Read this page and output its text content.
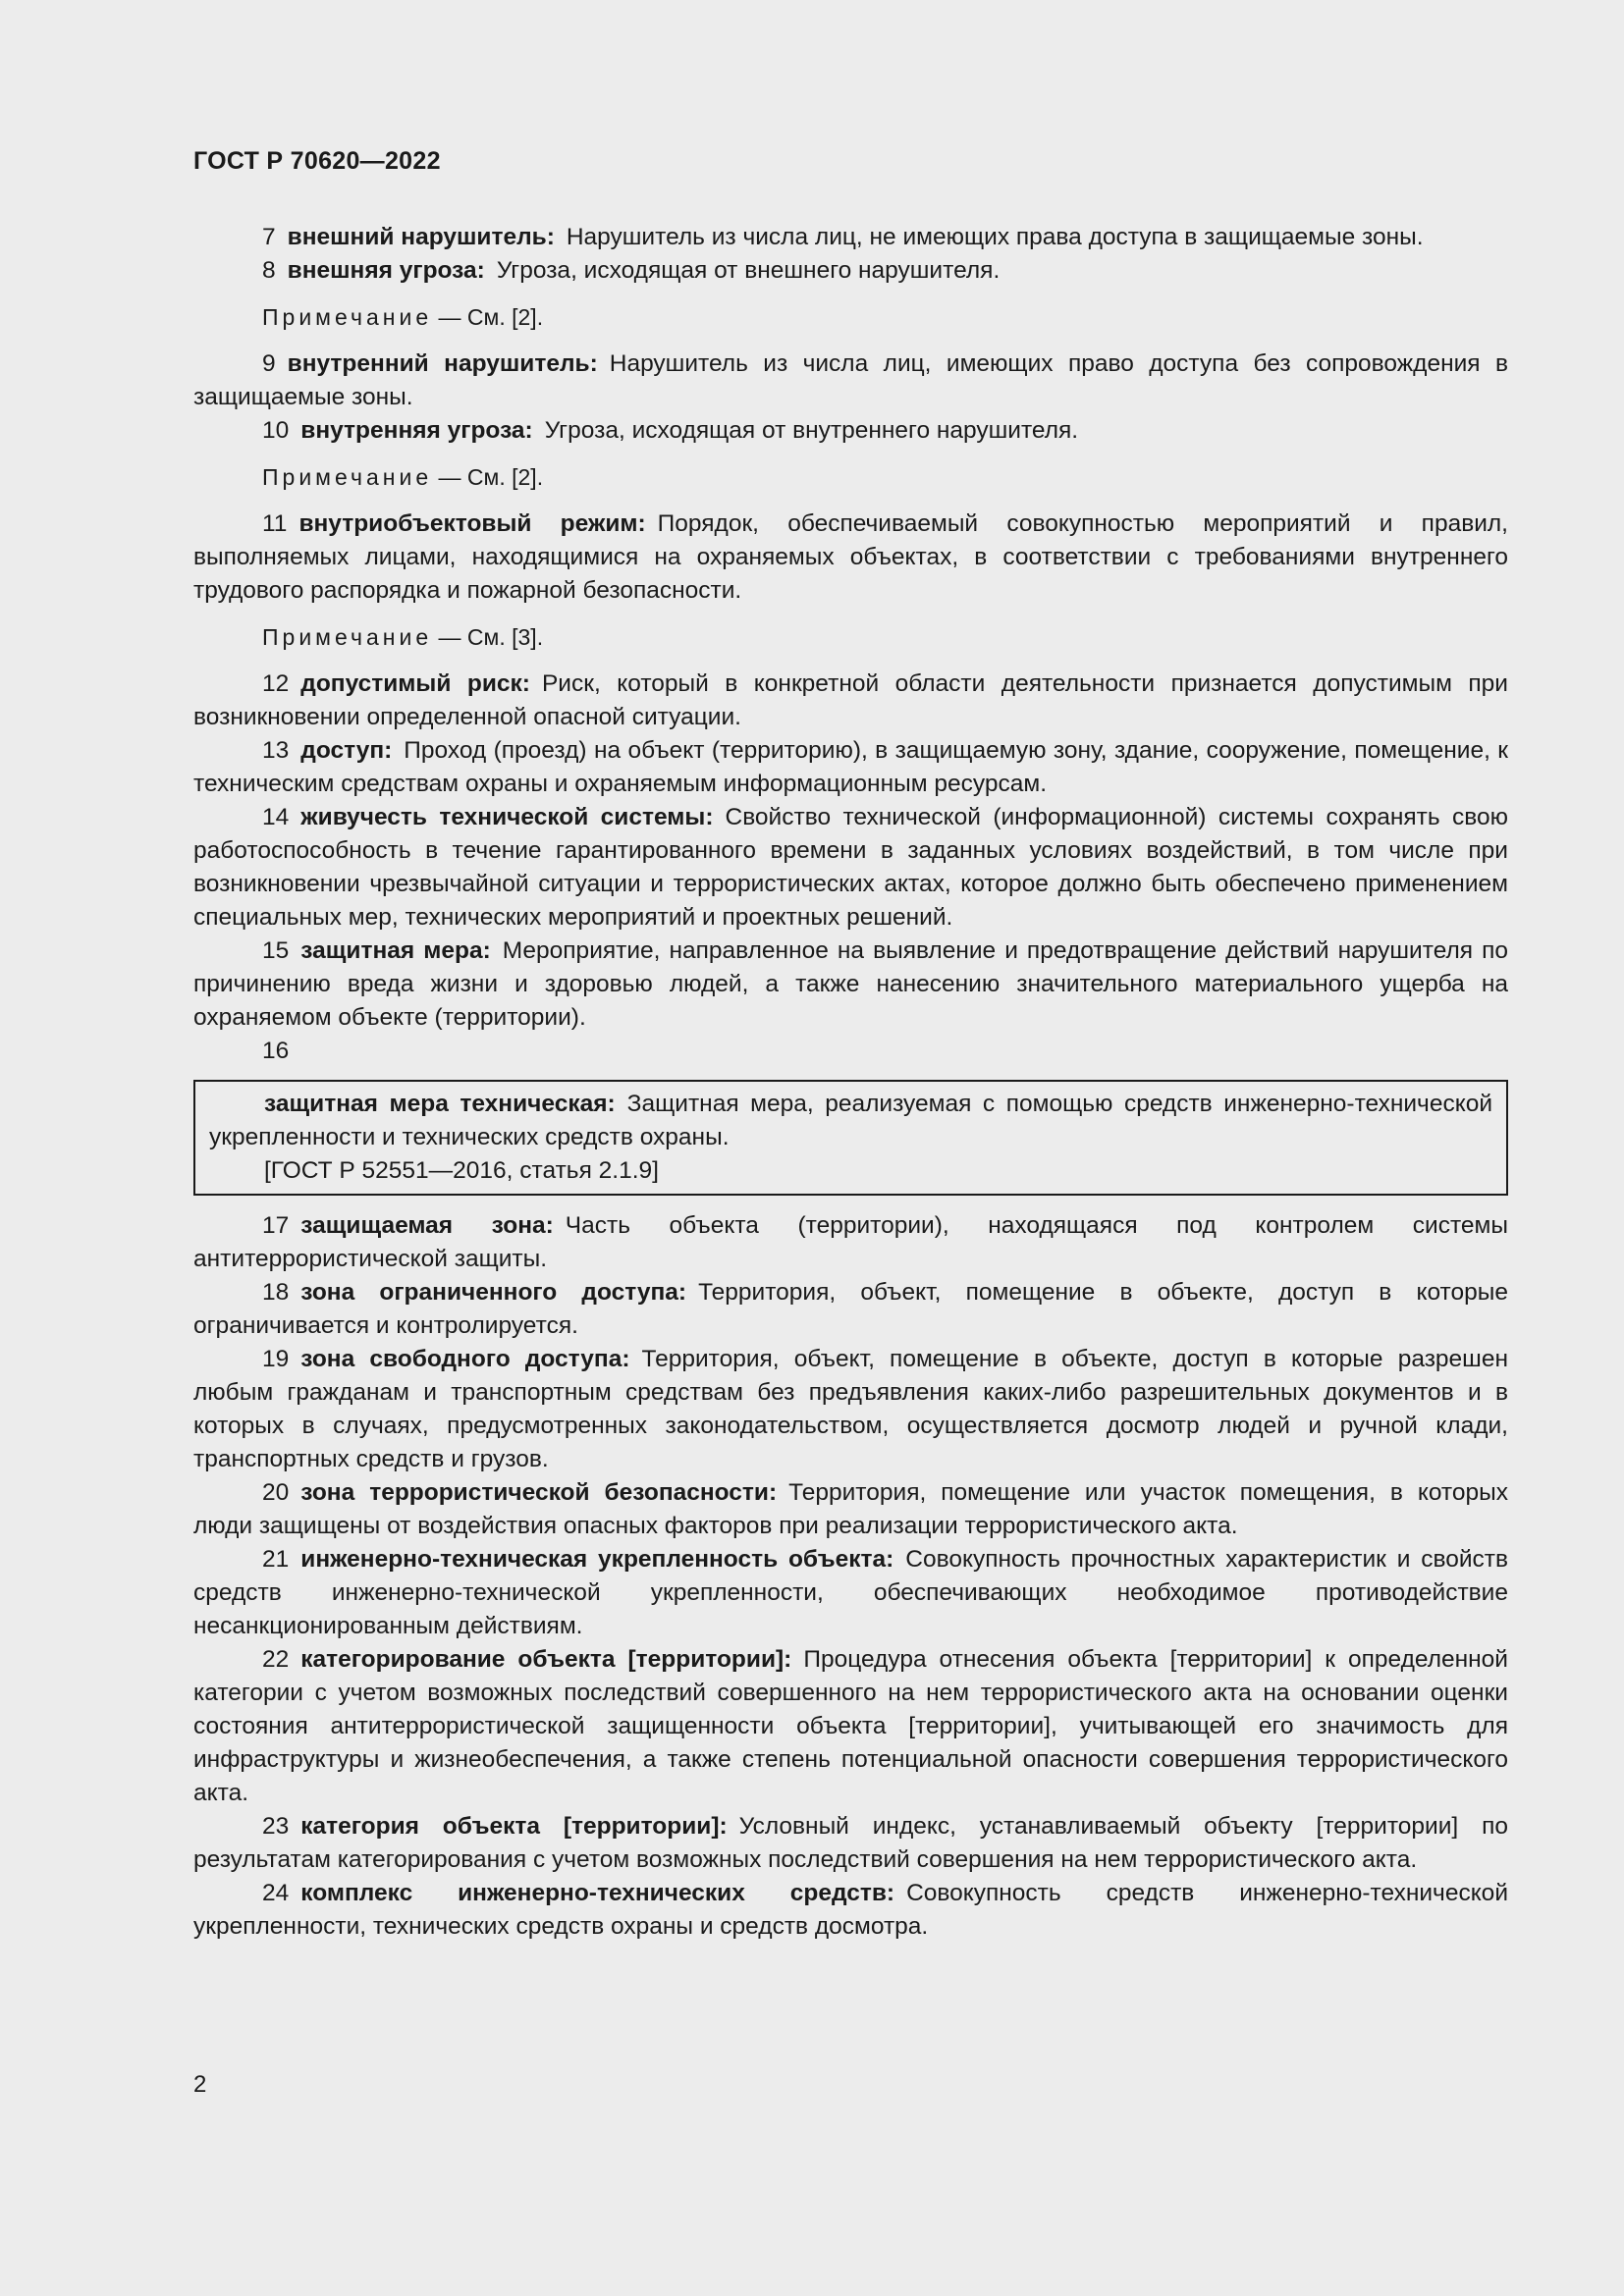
ГОСТ Р 70620—2022

7 внешний нарушитель: Нарушитель из числа лиц, не имеющих права доступа в защищаемые зоны.

8 внешняя угроза: Угроза, исходящая от внешнего нарушителя.

Примечание — См. [2].

9 внутренний нарушитель: Нарушитель из числа лиц, имеющих право доступа без сопровождения в защищаемые зоны.

10 внутренняя угроза: Угроза, исходящая от внутреннего нарушителя.

Примечание — См. [2].

11 внутриобъектовый режим: Порядок, обеспечиваемый совокупностью мероприятий и правил, выполняемых лицами, находящимися на охраняемых объектах, в соответствии с требованиями внутреннего трудового распорядка и пожарной безопасности.

Примечание — См. [3].

12 допустимый риск: Риск, который в конкретной области деятельности признается допустимым при возникновении определенной опасной ситуации.

13 доступ: Проход (проезд) на объект (территорию), в защищаемую зону, здание, сооружение, помещение, к техническим средствам охраны и охраняемым информационным ресурсам.

14 живучесть технической системы: Свойство технической (информационной) системы сохранять свою работоспособность в течение гарантированного времени в заданных условиях воздействий, в том числе при возникновении чрезвычайной ситуации и террористических актах, которое должно быть обеспечено применением специальных мер, технических мероприятий и проектных решений.

15 защитная мера: Мероприятие, направленное на выявление и предотвращение действий нарушителя по причинению вреда жизни и здоровью людей, а также нанесению значительного материального ущерба на охраняемом объекте (территории).

16

защитная мера техническая: Защитная мера, реализуемая с помощью средств инженерно-технической укрепленности и технических средств охраны.

[ГОСТ Р 52551—2016, статья 2.1.9]

17 защищаемая зона: Часть объекта (территории), находящаяся под контролем системы антитеррористической защиты.

18 зона ограниченного доступа: Территория, объект, помещение в объекте, доступ в которые ограничивается и контролируется.

19 зона свободного доступа: Территория, объект, помещение в объекте, доступ в которые разрешен любым гражданам и транспортным средствам без предъявления каких-либо разрешительных документов и в которых в случаях, предусмотренных законодательством, осуществляется досмотр людей и ручной клади, транспортных средств и грузов.

20 зона террористической безопасности: Территория, помещение или участок помещения, в которых люди защищены от воздействия опасных факторов при реализации террористического акта.

21 инженерно-техническая укрепленность объекта: Совокупность прочностных характеристик и свойств средств инженерно-технической укрепленности, обеспечивающих необходимое противодействие несанкционированным действиям.

22 категорирование объекта [территории]: Процедура отнесения объекта [территории] к определенной категории с учетом возможных последствий совершенного на нем террористического акта на основании оценки состояния антитеррористической защищенности объекта [территории], учитывающей его значимость для инфраструктуры и жизнеобеспечения, а также степень потенциальной опасности совершения террористического акта.

23 категория объекта [территории]: Условный индекс, устанавливаемый объекту [территории] по результатам категорирования с учетом возможных последствий совершения на нем террористического акта.

24 комплекс инженерно-технических средств: Совокупность средств инженерно-технической укрепленности, технических средств охраны и средств досмотра.

2
